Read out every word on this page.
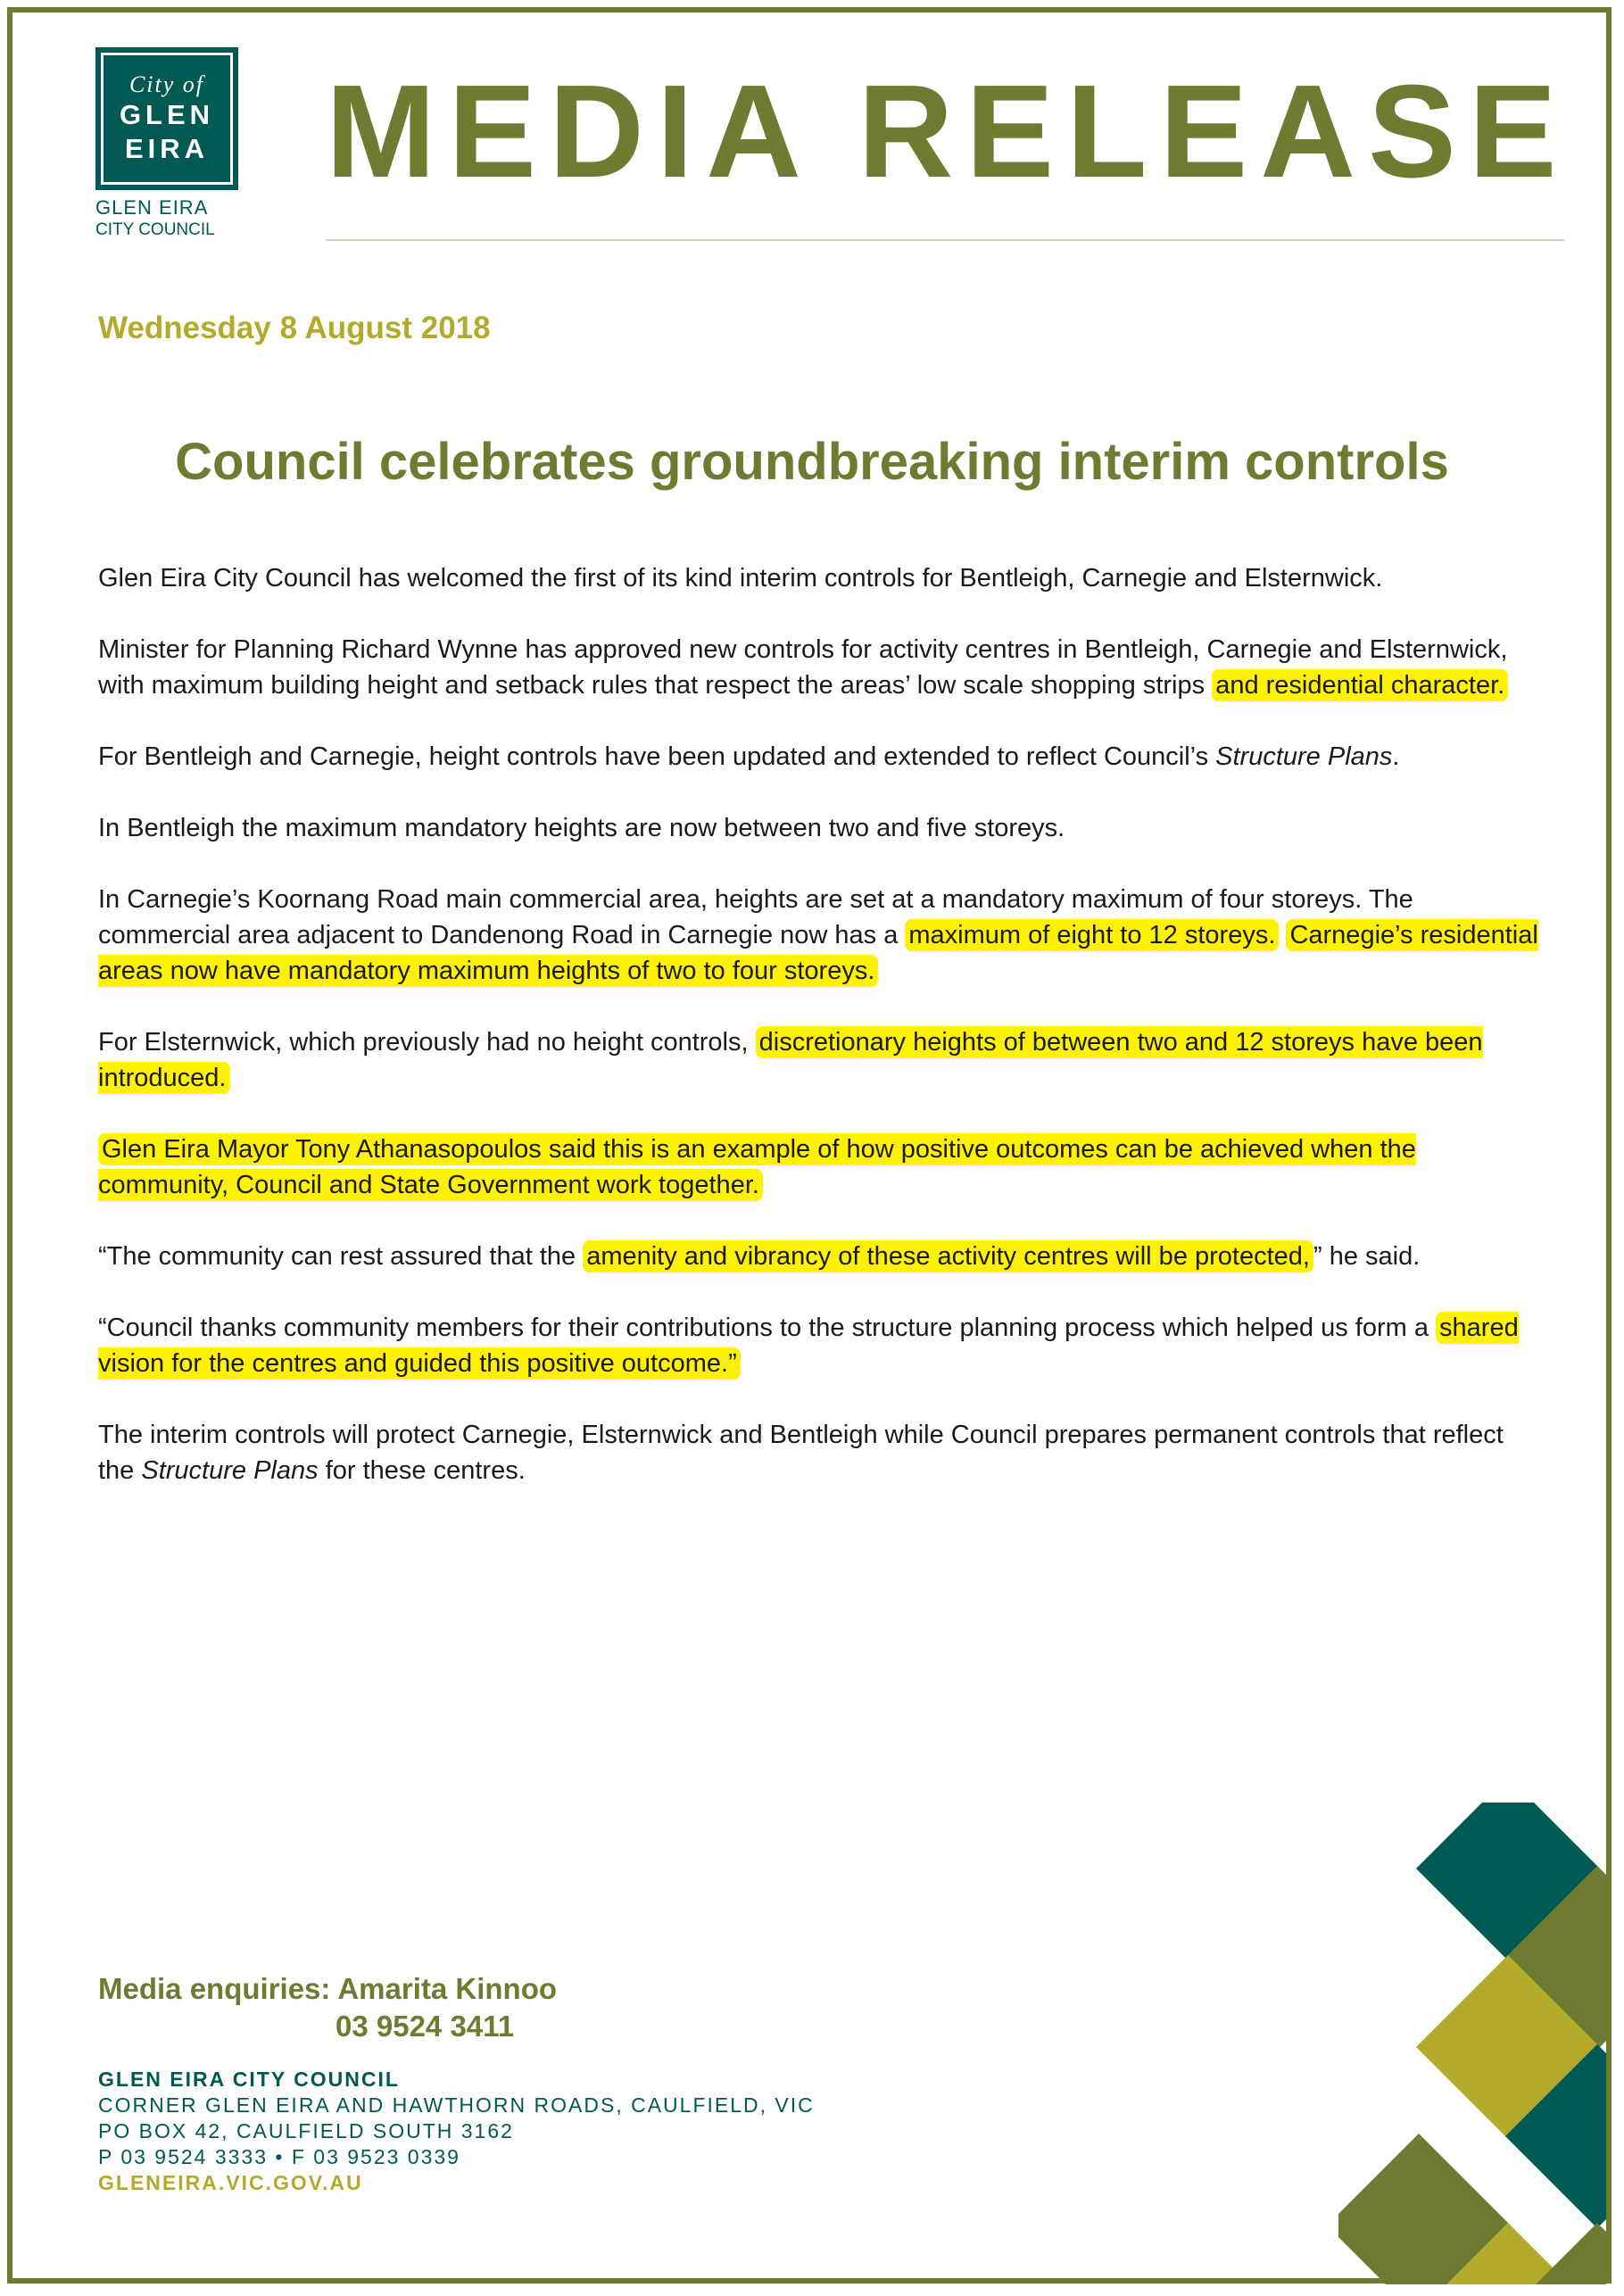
City of
GLEN
EIRA
GLEN EIRA
CITY COUNCIL
MEDIA RELEASE
Wednesday 8 August 2018
Council celebrates groundbreaking interim controls

Glen Eira City Council has welcomed the first of its kind interim controls for Bentleigh, Carnegie and Elsternwick.

Minister for Planning Richard Wynne has approved new controls for activity centres in Bentleigh, Carnegie and Elsternwick, with maximum building height and setback rules that respect the areas’ low scale shopping strips and residential character.

For Bentleigh and Carnegie, height controls have been updated and extended to reflect Council’s Structure Plans.

In Bentleigh the maximum mandatory heights are now between two and five storeys.

In Carnegie’s Koornang Road main commercial area, heights are set at a mandatory maximum of four storeys. The commercial area adjacent to Dandenong Road in Carnegie now has a maximum of eight to 12 storeys. Carnegie’s residential areas now have mandatory maximum heights of two to four storeys.

For Elsternwick, which previously had no height controls, discretionary heights of between two and 12 storeys have been introduced.

Glen Eira Mayor Tony Athanasopoulos said this is an example of how positive outcomes can be achieved when the community, Council and State Government work together.

“The community can rest assured that the amenity and vibrancy of these activity centres will be protected, ” he said.

“Council thanks community members for their contributions to the structure planning process which helped us form a shared vision for the centres and guided this positive outcome.”

The interim controls will protect Carnegie, Elsternwick and Bentleigh while Council prepares permanent controls that reflect the Structure Plans for these centres.

Media enquiries: Amarita Kinnoo
03 9524 3411
GLEN EIRA CITY COUNCIL
CORNER GLEN EIRA AND HAWTHORN ROADS, CAULFIELD, VIC
PO BOX 42, CAULFIELD SOUTH 3162
P 03 9524 3333 • F 03 9523 0339
GLENEIRA.VIC.GOV.AU
